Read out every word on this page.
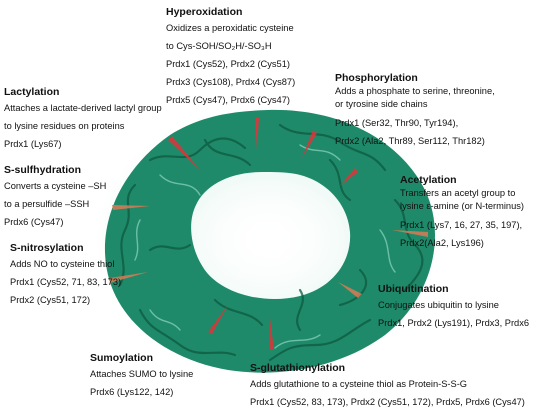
Hyperoxidation
Oxidizes a peroxidatic cysteine
to Cys-SOH/SO₂H/-SO₃H
Prdx1 (Cys52), Prdx2 (Cys51)
Prdx3 (Cys108), Prdx4 (Cys87)
Prdx5 (Cys47), Prdx6 (Cys47)
Lactylation
Attaches a lactate-derived lactyl group
to lysine residues on proteins
Prdx1 (Lys67)
Phosphorylation
Adds a phosphate to serine, threonine,
or tyrosine side chains
Prdx1 (Ser32, Thr90, Tyr194),
Prdx2 (Ala2, Thr89, Ser112, Thr182)
S-sulfhydration
Converts a cysteine –SH
to a persulfide –SSH
Prdx6 (Cys47)
Acetylation
Transfers an acetyl group to
lysine ε-amine (or N-terminus)
Prdx1 (Lys7, 16, 27, 35, 197),
Prdx2(Ala2, Lys196)
S-nitrosylation
Adds NO to cysteine thiol
Prdx1 (Cys52, 71, 83, 173)
Prdx2 (Cys51, 172)
Ubiquitination
Conjugates ubiquitin to lysine
Prdx1, Prdx2 (Lys191), Prdx3, Prdx6
Sumoylation
Attaches SUMO to lysine
Prdx6 (Lys122, 142)
S-glutathionylation
Adds glutathione to a cysteine thiol as Protein-S-S-G
Prdx1 (Cys52, 83, 173), Prdx2 (Cys51, 172), Prdx5, Prdx6 (Cys47)
